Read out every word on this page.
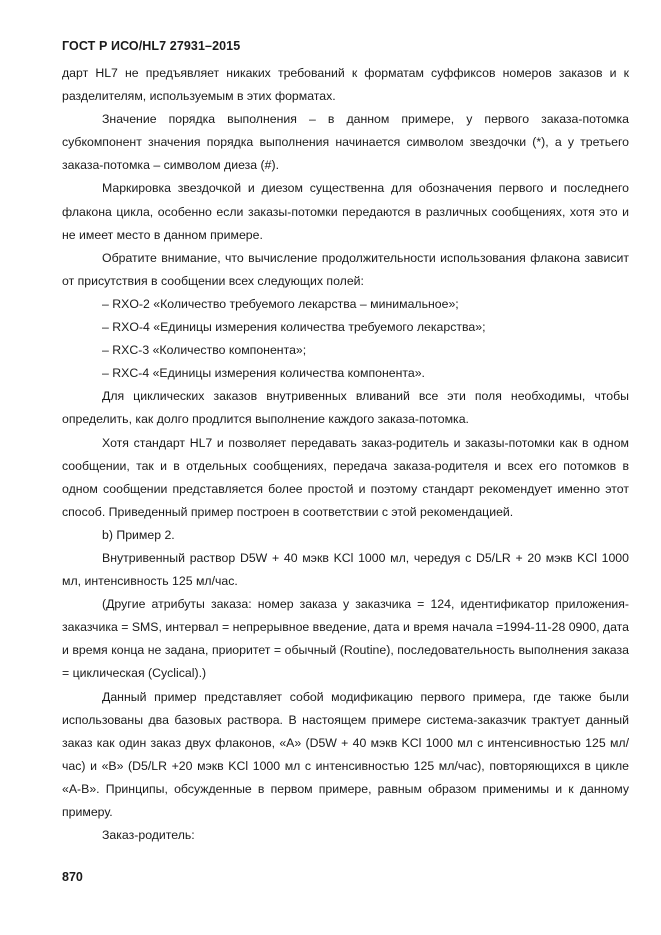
ГОСТ Р ИСО/HL7 27931–2015

дарт HL7 не предъявляет никаких требований к форматам суффиксов номеров заказов и к разделителям, используемым в этих форматах.

Значение порядка выполнения – в данном примере, у первого заказа-потомка субкомпонент значения порядка выполнения начинается символом звездочки (*), а у третьего заказа-потомка – символом диеза (#).

Маркировка звездочкой и диезом существенна для обозначения первого и последнего флакона цикла, особенно если заказы-потомки передаются в различных сообщениях, хотя это и не имеет место в данном примере.

Обратите внимание, что вычисление продолжительности использования флакона зависит от присутствия в сообщении всех следующих полей:

– RXO-2 «Количество требуемого лекарства – минимальное»;

– RXO-4 «Единицы измерения количества требуемого лекарства»;

– RXC-3 «Количество компонента»;

– RXC-4 «Единицы измерения количества компонента».

Для циклических заказов внутривенных вливаний все эти поля необходимы, чтобы определить, как долго продлится выполнение каждого заказа-потомка.

Хотя стандарт HL7 и позволяет передавать заказ-родитель и заказы-потомки как в одном сообщении, так и в отдельных сообщениях, передача заказа-родителя и всех его потомков в одном сообщении представляется более простой и поэтому стандарт рекомендует именно этот способ. Приведенный пример построен в соответствии с этой рекомендацией.

b) Пример 2.

Внутривенный раствор D5W + 40 мэкв KCl 1000 мл, чередуя с D5/LR + 20 мэкв KCl 1000 мл, интенсивность 125 мл/час.

(Другие атрибуты заказа: номер заказа у заказчика = 124, идентификатор приложения-заказчика = SMS, интервал = непрерывное введение, дата и время начала =1994-11-28 0900, дата и время конца не задана, приоритет = обычный (Routine), последовательность выполнения заказа = циклическая (Cyclical).)

Данный пример представляет собой модификацию первого примера, где также были использованы два базовых раствора. В настоящем примере система-заказчик трактует данный заказ как один заказ двух флаконов, «A» (D5W + 40 мэкв KCl 1000 мл с интенсивностью 125 мл/час) и «B» (D5/LR +20 мэкв KCl 1000 мл с интенсивностью 125 мл/час), повторяющихся в цикле «A-B». Принципы, обсужденные в первом примере, равным образом применимы и к данному примеру.

Заказ-родитель:

870
